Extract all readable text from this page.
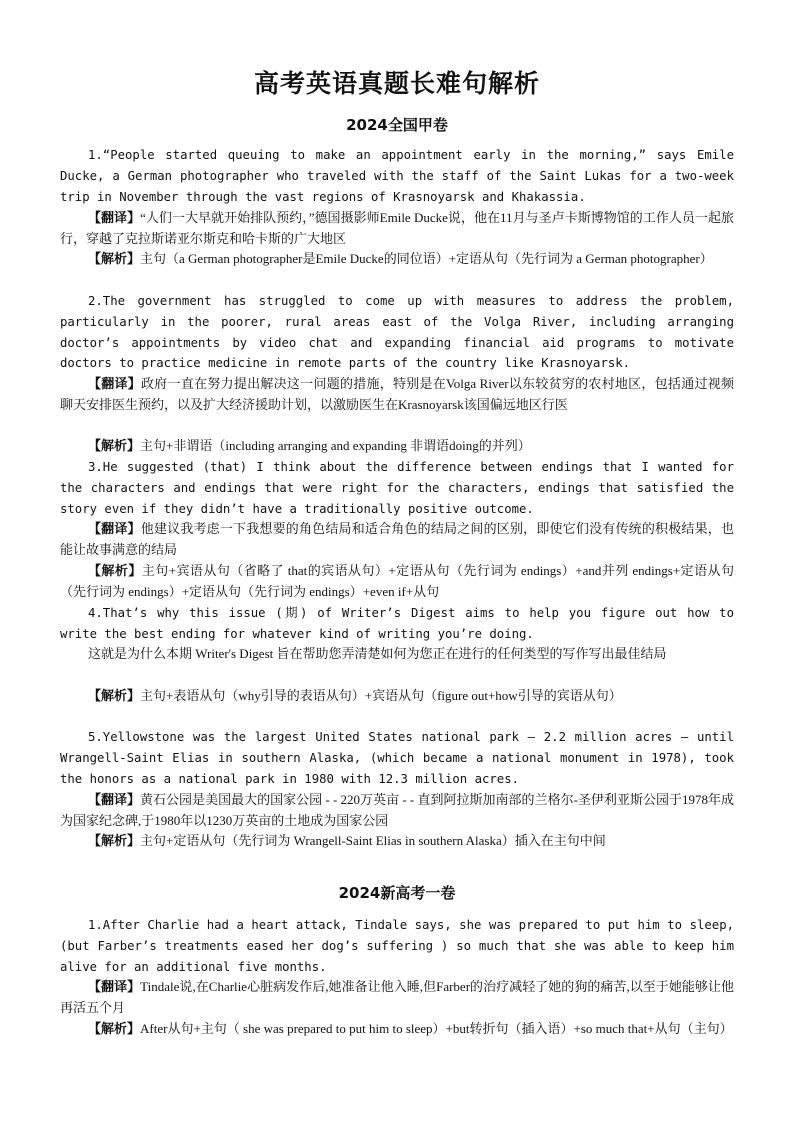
高考英语真题长难句解析
2024全国甲卷
1.“People started queuing to make an appointment early in the morning,” says Emile Ducke, a German photographer who traveled with the staff of the Saint Lukas for a two-week trip in November through the vast regions of Krasnoyarsk and Khakassia.
【翻译】“人们一大早就开始排队预约，”德国摄影师Emile Ducke说，他在11月与圣卢卡斯博物馆的工作人员一起旅行，穿越了克拉斯诺亚尔斯克和哈卡斯的广大地区
【解析】主句（a German photographer是Emile Ducke的同位语）+定语从句（先行词为 a German photographer）
2.The government has struggled to come up with measures to address the problem, particularly in the poorer, rural areas east of the Volga River, including arranging doctor’s appointments by video chat and expanding financial aid programs to motivate doctors to practice medicine in remote parts of the country like Krasnoyarsk.
【翻译】政府一直在努力提出解决这一问题的措施，特别是在Volga River以东较贫穷的农村地区，包括通过视频聊天安排医生预约，以及扩大经济援助计划，以激励医生在Krasnoyarsk该国偏远地区行医
【解析】主句+非谓语（including arranging and expanding 非谓语doing的并列）
3.He suggested (that) I think about the difference between endings that I wanted for the characters and endings that were right for the characters, endings that satisfied the story even if they didn’t have a traditionally positive outcome.
【翻译】他建议我考虑一下我想要的角色结局和适合角色的结局之间的区别，即使它们没有传统的积极结果，也能让故事满意的结局
【解析】主句+宾语从句（省略了 that的宾语从句）+定语从句（先行词为 endings）+and并列 endings+定语从句（先行词为 endings）+定语从句（先行词为 endings）+even if+从句
4.That’s why this issue (期) of Writer’s Digest aims to help you figure out how to write the best ending for whatever kind of writing you’re doing.
这就是为什么本期 Writer's Digest 旨在帮助您弄清楚如何为您正在进行的任何类型的写作写出最佳结局
【解析】主句+表语从句（why引导的表语从句）+宾语从句（figure out+how引导的宾语从句）
5.Yellowstone was the largest United States national park — 2.2 million acres — until Wrangell-Saint Elias in southern Alaska, (which became a national monument in 1978), took the honors as a national park in 1980 with 12.3 million acres.
【翻译】黄石公园是美国最大的国家公园 - - 220万英亩 - - 直到阿拉斯加南部的兰格尔-圣伊利亚斯公园于1978年成为国家纪念碑,于1980年以1230万英亩的土地成为国家公园
【解析】主句+定语从句（先行词为 Wrangell-Saint Elias in southern Alaska）插入在主句中间
2024新高考一卷
1.After Charlie had a heart attack, Tindale says, she was prepared to put him to sleep, (but Farber’s treatments eased her dog’s suffering ) so much that she was able to keep him alive for an additional five months.
【翻译】Tindale说,在Charlie心脏病发作后,她准备让他入睡,但Farber的治疗减轻了她的狗的痛苦,以至于她能够让他再活五个月
【解析】After从句+主句（ she was prepared to put him to sleep）+but转折句（插入语）+so much that+从句（主句）
